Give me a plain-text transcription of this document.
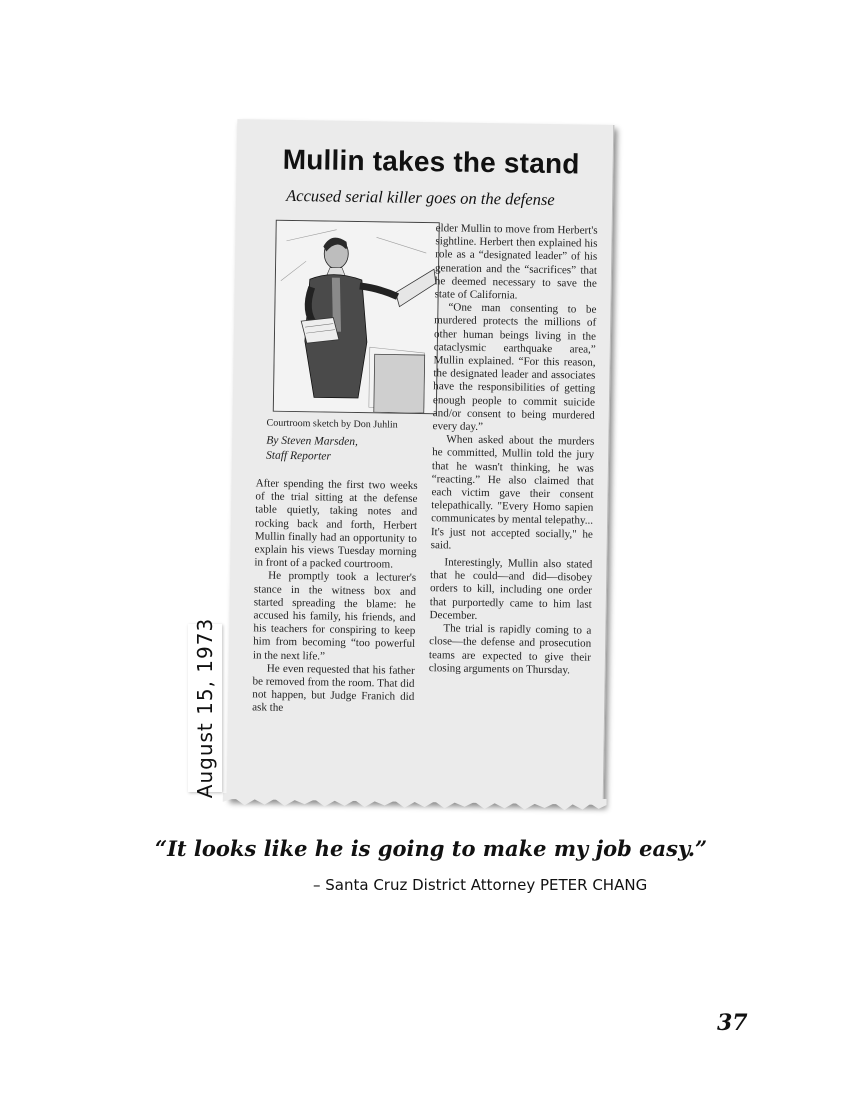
Mullin takes the stand
Accused serial killer goes on the defense
Courtroom sketch by Don Juhlin
By Steven Marsden,
Staff Reporter

After spending the first two weeks of the trial sitting at the defense table quietly, taking notes and rocking back and forth, Herbert Mullin finally had an opportunity to explain his views Tuesday morning in front of a packed courtroom.

He promptly took a lecturer's stance in the witness box and started spreading the blame: he accused his family, his friends, and his teachers for conspiring to keep him from becoming “too powerful in the next life.”

He even requested that his father be removed from the room. That did not happen, but Judge Franich did ask the

elder Mullin to move from Herbert's sightline. Herbert then explained his role as a “designated leader” of his generation and the “sacrifices” that he deemed necessary to save the state of California.

“One man consenting to be murdered protects the millions of other human beings living in the cataclysmic earthquake area,” Mullin explained. “For this reason, the designated leader and associates have the responsibilities of getting enough people to commit suicide and/or consent to being murdered every day.”

When asked about the murders he committed, Mullin told the jury that he wasn't thinking, he was “reacting.” He also claimed that each victim gave their consent telepathically. "Every Homo sapien communicates by mental telepathy... It's just not accepted socially," he said.

Interestingly, Mullin also stated that he could—and did—disobey orders to kill, including one order that purportedly came to him last December.

The trial is rapidly coming to a close—the defense and prosecution teams are expected to give their closing arguments on Thursday.

August 15, 1973
“It looks like he is going to make my job easy.”
– Santa Cruz District Attorney PETER CHANG
37
